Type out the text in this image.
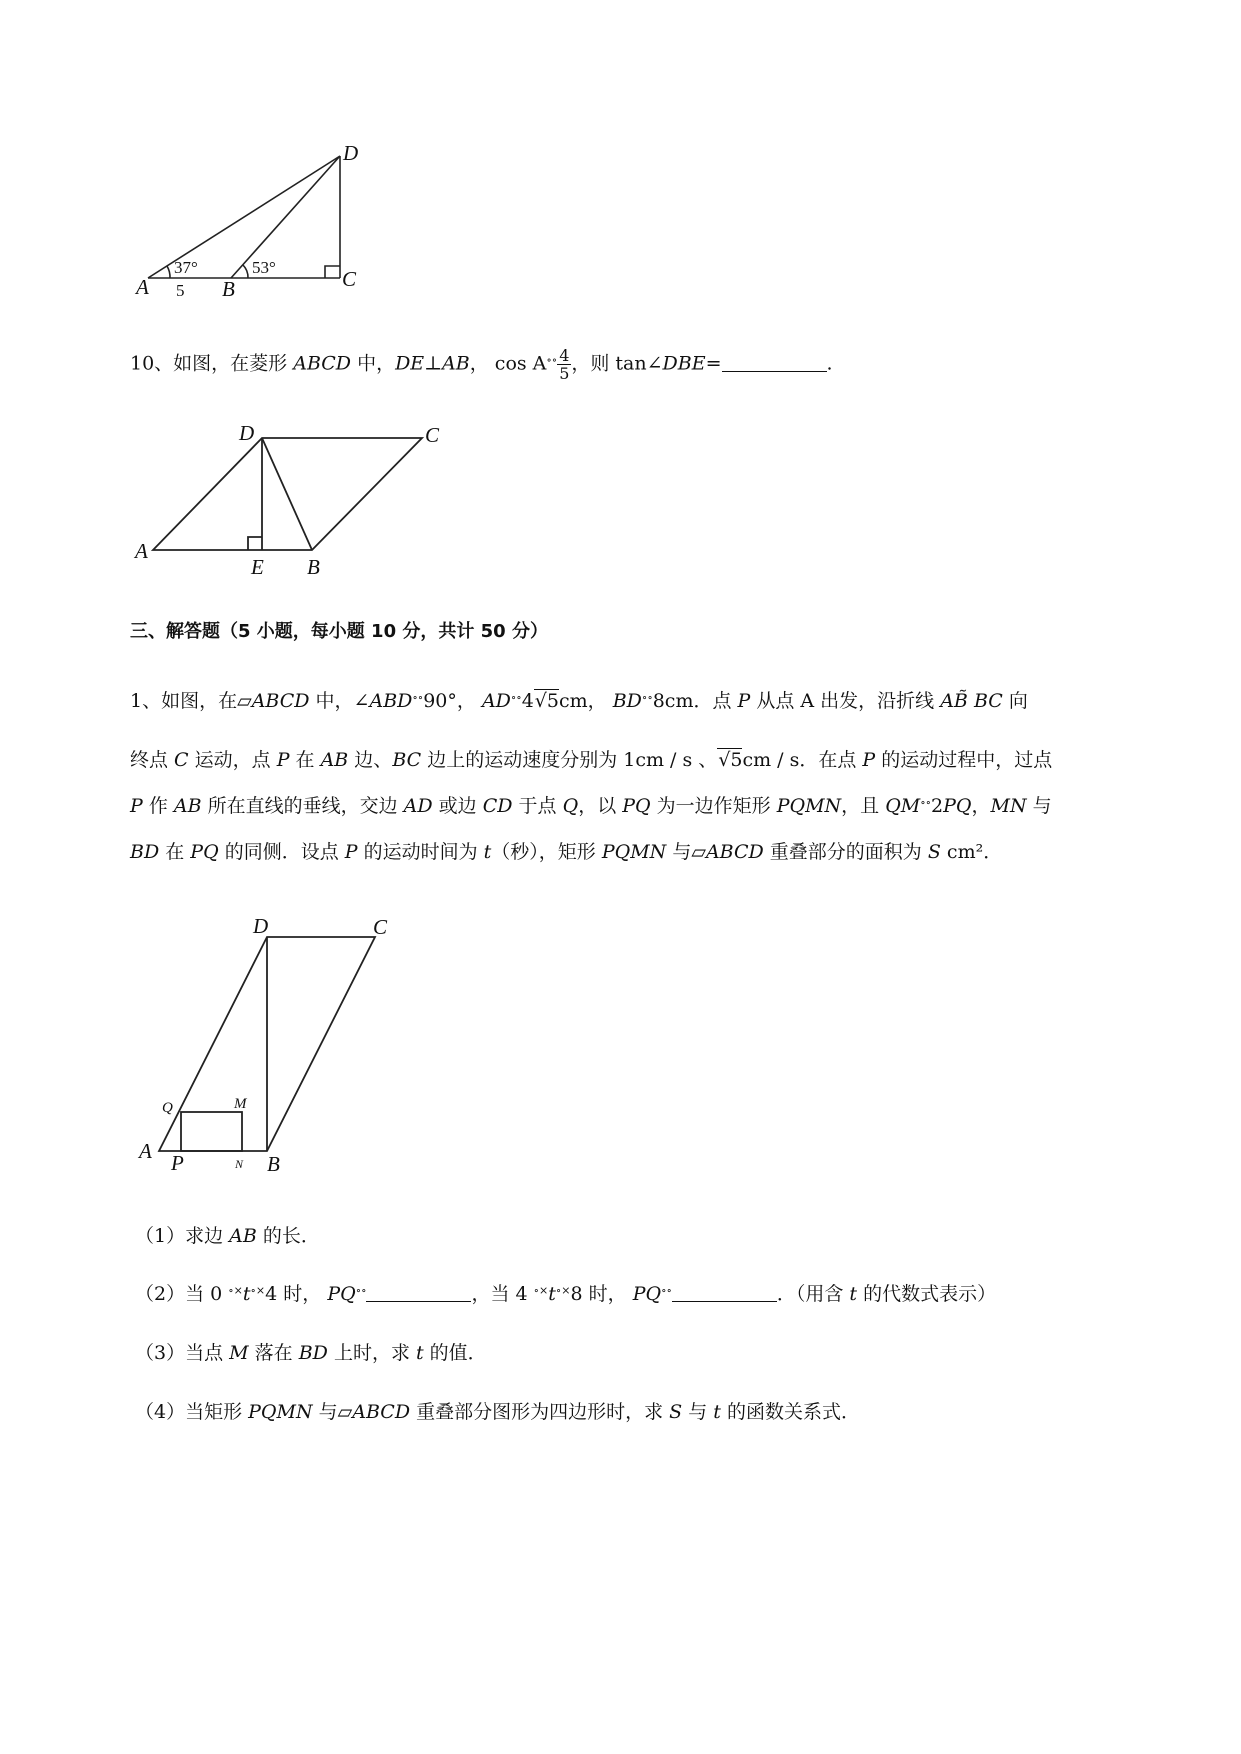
D
C
A	B
37°	53°
5
10、如图，在菱形 ABCD 中，DE⊥AB， $\cos A^{\circ\circ} \frac{4}{5}$ ，则 tan∠DBE=	.
D	C
A
E B
三、解答题（5 小题，每小题 10 分，共计 50 分）
1、如图，在▱ABCD 中，∠ABD∘∘90°， AD∘∘4√5cm， BD∘∘8cm．点 P 从点 A 出发，沿折线 AB̃ BC 向
终点 C 运动，点 P 在 AB 边、BC 边上的运动速度分别为 1cm / s 、√5cm / s．在点 P 的运动过程中，过点
P 作 AB 所在直线的垂线，交边 AD 或边 CD 于点 Q，以 PQ 为一边作矩形 PQMN，且 QM∘∘2PQ，MN 与
BD 在 PQ 的同侧．设点 P 的运动时间为 t（秒），矩形 PQMN 与▱ABCD 重叠部分的面积为 S cm²．
D	C
A P
Q	M
N B
（1）求边 AB 的长．
（2）当 0 ∘×t∘×4 时， PQ∘∘	，当 4 ∘×t∘×8 时， PQ∘∘	．（用含 t 的代数式表示）
（3）当点 M 落在 BD 上时，求 t 的值．
（4）当矩形 PQMN 与▱ABCD 重叠部分图形为四边形时，求 S 与 t 的函数关系式．
